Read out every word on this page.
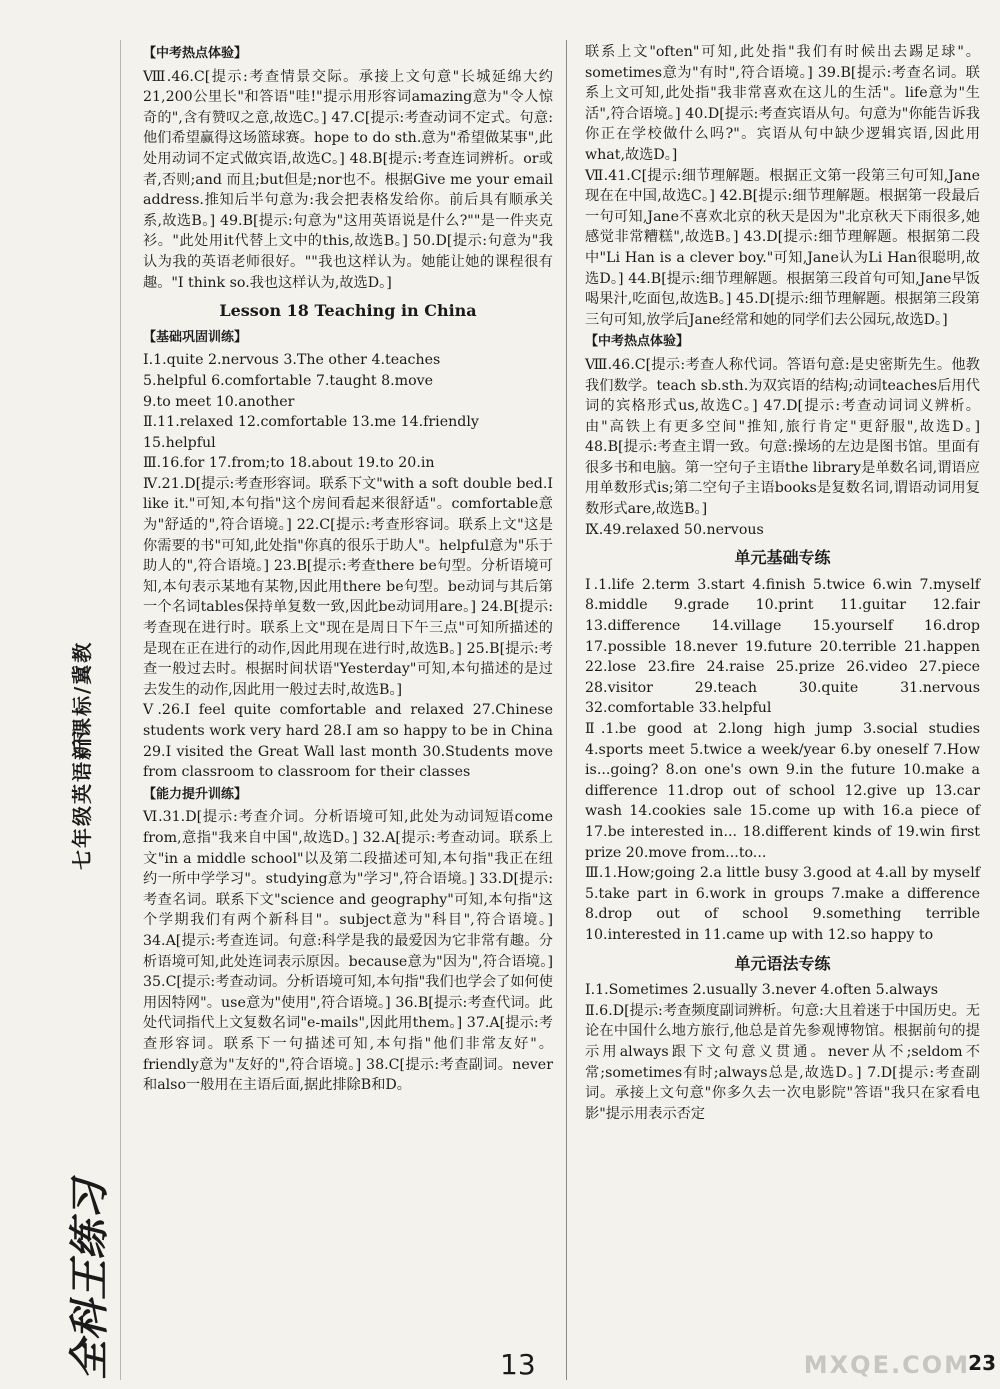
七年级英语·下
新课标/冀教
全科王练习
【中考热点体验】

Ⅷ.46.C[提示:考查情景交际。承接上文句意"长城延绵大约21,200公里长"和答语"哇!"提示用形容词amazing意为"令人惊奇的",含有赞叹之意,故选C。] 47.C[提示:考查动词不定式。句意:他们希望赢得这场篮球赛。hope to do sth.意为"希望做某事",此处用动词不定式做宾语,故选C。] 48.B[提示:考查连词辨析。or或者,否则;and 而且;but但是;nor也不。根据Give me your email address.推知后半句意为:我会把表格发给你。前后具有顺承关系,故选B。] 49.B[提示:句意为"这用英语说是什么?""是一件夹克衫。"此处用it代替上文中的this,故选B。] 50.D[提示:句意为"我认为我的英语老师很好。""我也这样认为。她能让她的课程很有趣。"I think so.我也这样认为,故选D。]

Lesson 18 Teaching in China
【基础巩固训练】

Ⅰ.1.quite 2.nervous 3.The other 4.teaches

5.helpful 6.comfortable 7.taught 8.move

9.to meet 10.another

Ⅱ.11.relaxed 12.comfortable 13.me 14.friendly

15.helpful

Ⅲ.16.for 17.from;to 18.about 19.to 20.in

Ⅳ.21.D[提示:考查形容词。联系下文"with a soft double bed.I like it."可知,本句指"这个房间看起来很舒适"。comfortable意为"舒适的",符合语境。] 22.C[提示:考查形容词。联系上文"这是你需要的书"可知,此处指"你真的很乐于助人"。helpful意为"乐于助人的",符合语境。] 23.B[提示:考查there be句型。分析语境可知,本句表示某地有某物,因此用there be句型。be动词与其后第一个名词tables保持单复数一致,因此be动词用are。] 24.B[提示:考查现在进行时。联系上文"现在是周日下午三点"可知所描述的是现在正在进行的动作,因此用现在进行时,故选B。] 25.B[提示:考查一般过去时。根据时间状语"Yesterday"可知,本句描述的是过去发生的动作,因此用一般过去时,故选B。]

Ⅴ.26.I feel quite comfortable and relaxed 27.Chinese students work very hard 28.I am so happy to be in China 29.I visited the Great Wall last month 30.Students move from classroom to classroom for their classes

【能力提升训练】

Ⅵ.31.D[提示:考查介词。分析语境可知,此处为动词短语come from,意指"我来自中国",故选D。] 32.A[提示:考查动词。联系上文"in a middle school"以及第二段描述可知,本句指"我正在纽约一所中学学习"。studying意为"学习",符合语境。] 33.D[提示:考查名词。联系下文"science and geography"可知,本句指"这个学期我们有两个新科目"。subject意为"科目",符合语境。] 34.A[提示:考查连词。句意:科学是我的最爱因为它非常有趣。分析语境可知,此处连词表示原因。because意为"因为",符合语境。] 35.C[提示:考查动词。分析语境可知,本句指"我们也学会了如何使用因特网"。use意为"使用",符合语境。] 36.B[提示:考查代词。此处代词指代上文复数名词"e-mails",因此用them。] 37.A[提示:考查形容词。联系下一句描述可知,本句指"他们非常友好"。friendly意为"友好的",符合语境。] 38.C[提示:考查副词。never和also一般用在主语后面,据此排除B和D。

联系上文"often"可知,此处指"我们有时候出去踢足球"。sometimes意为"有时",符合语境。] 39.B[提示:考查名词。联系上文可知,此处指"我非常喜欢在这儿的生活"。life意为"生活",符合语境。] 40.D[提示:考查宾语从句。句意为"你能告诉我你正在学校做什么吗?"。宾语从句中缺少逻辑宾语,因此用what,故选D。]

Ⅶ.41.C[提示:细节理解题。根据正文第一段第三句可知,Jane现在在中国,故选C。] 42.B[提示:细节理解题。根据第一段最后一句可知,Jane不喜欢北京的秋天是因为"北京秋天下雨很多,她感觉非常糟糕",故选B。] 43.D[提示:细节理解题。根据第二段中"Li Han is a clever boy."可知,Jane认为Li Han很聪明,故选D。] 44.B[提示:细节理解题。根据第三段首句可知,Jane早饭喝果汁,吃面包,故选B。] 45.D[提示:细节理解题。根据第三段第三句可知,放学后Jane经常和她的同学们去公园玩,故选D。]

【中考热点体验】

Ⅷ.46.C[提示:考查人称代词。答语句意:是史密斯先生。他教我们数学。teach sb.sth.为双宾语的结构;动词teaches后用代词的宾格形式us,故选C。] 47.D[提示:考查动词词义辨析。由"高铁上有更多空间"推知,旅行肯定"更舒服",故选D。] 48.B[提示:考查主谓一致。句意:操场的左边是图书馆。里面有很多书和电脑。第一空句子主语the library是单数名词,谓语应用单数形式is;第二空句子主语books是复数名词,谓语动词用复数形式are,故选B。]

Ⅸ.49.relaxed 50.nervous

单元基础专练

Ⅰ.1.life 2.term 3.start 4.finish 5.twice 6.win 7.myself 8.middle 9.grade 10.print 11.guitar 12.fair 13.difference 14.village 15.yourself 16.drop 17.possible 18.never 19.future 20.terrible 21.happen 22.lose 23.fire 24.raise 25.prize 26.video 27.piece 28.visitor 29.teach 30.quite 31.nervous 32.comfortable 33.helpful

Ⅱ.1.be good at 2.long high jump 3.social studies 4.sports meet 5.twice a week/year 6.by oneself 7.How is...going? 8.on one's own 9.in the future 10.make a difference 11.drop out of school 12.give up 13.car wash 14.cookies sale 15.come up with 16.a piece of 17.be interested in... 18.different kinds of 19.win first prize 20.move from...to...

Ⅲ.1.How;going 2.a little busy 3.good at 4.all by myself 5.take part in 6.work in groups 7.make a difference 8.drop out of school 9.something terrible 10.interested in 11.came up with 12.so happy to

单元语法专练

Ⅰ.1.Sometimes 2.usually 3.never 4.often 5.always

Ⅱ.6.D[提示:考查频度副词辨析。句意:大且着迷于中国历史。无论在中国什么地方旅行,他总是首先参观博物馆。根据前句的提示用always跟下文句意义贯通。never从不;seldom不常;sometimes有时;always总是,故选D。] 7.D[提示:考查副词。承接上文句意"你多久去一次电影院"答语"我只在家看电影"提示用表示否定

13	MXQE.COM
23
